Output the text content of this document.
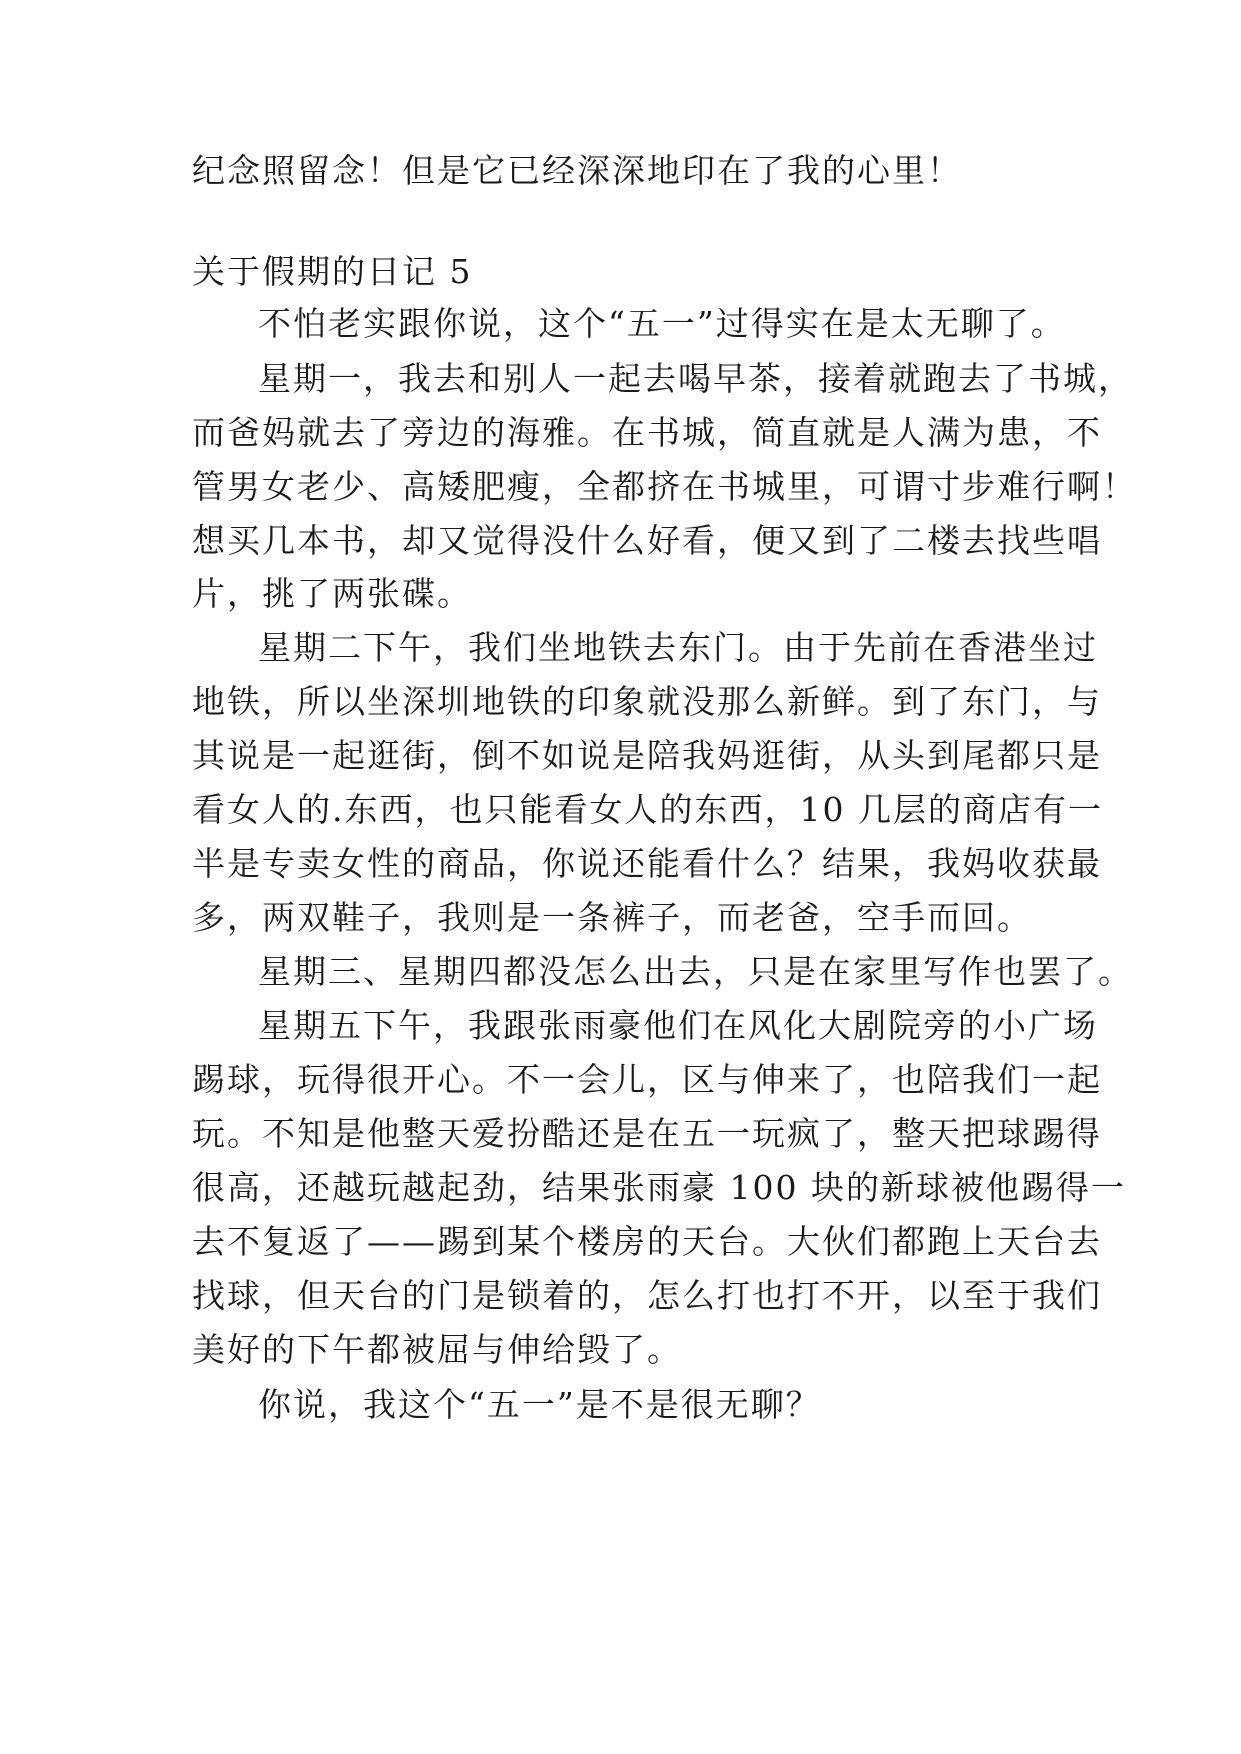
纪念照留念！但是它已经深深地印在了我的心里！

关于假期的日记 5

不怕老实跟你说，这个“五一”过得实在是太无聊了。

星期一，我去和别人一起去喝早茶，接着就跑去了书城，

而爸妈就去了旁边的海雅。在书城，简直就是人满为患，不

管男女老少、高矮肥瘦，全都挤在书城里，可谓寸步难行啊！

想买几本书，却又觉得没什么好看，便又到了二楼去找些唱

片，挑了两张碟。

星期二下午，我们坐地铁去东门。由于先前在香港坐过

地铁，所以坐深圳地铁的印象就没那么新鲜。到了东门，与

其说是一起逛街，倒不如说是陪我妈逛街，从头到尾都只是

看女人的.东西，也只能看女人的东西，10 几层的商店有一

半是专卖女性的商品，你说还能看什么？结果，我妈收获最

多，两双鞋子，我则是一条裤子，而老爸，空手而回。

星期三、星期四都没怎么出去，只是在家里写作也罢了。

星期五下午，我跟张雨豪他们在风化大剧院旁的小广场

踢球，玩得很开心。不一会儿，区与伸来了，也陪我们一起

玩。不知是他整天爱扮酷还是在五一玩疯了，整天把球踢得

很高，还越玩越起劲，结果张雨豪 100 块的新球被他踢得一

去不复返了——踢到某个楼房的天台。大伙们都跑上天台去

找球，但天台的门是锁着的，怎么打也打不开，以至于我们

美好的下午都被屈与伸给毁了。

你说，我这个“五一”是不是很无聊？
